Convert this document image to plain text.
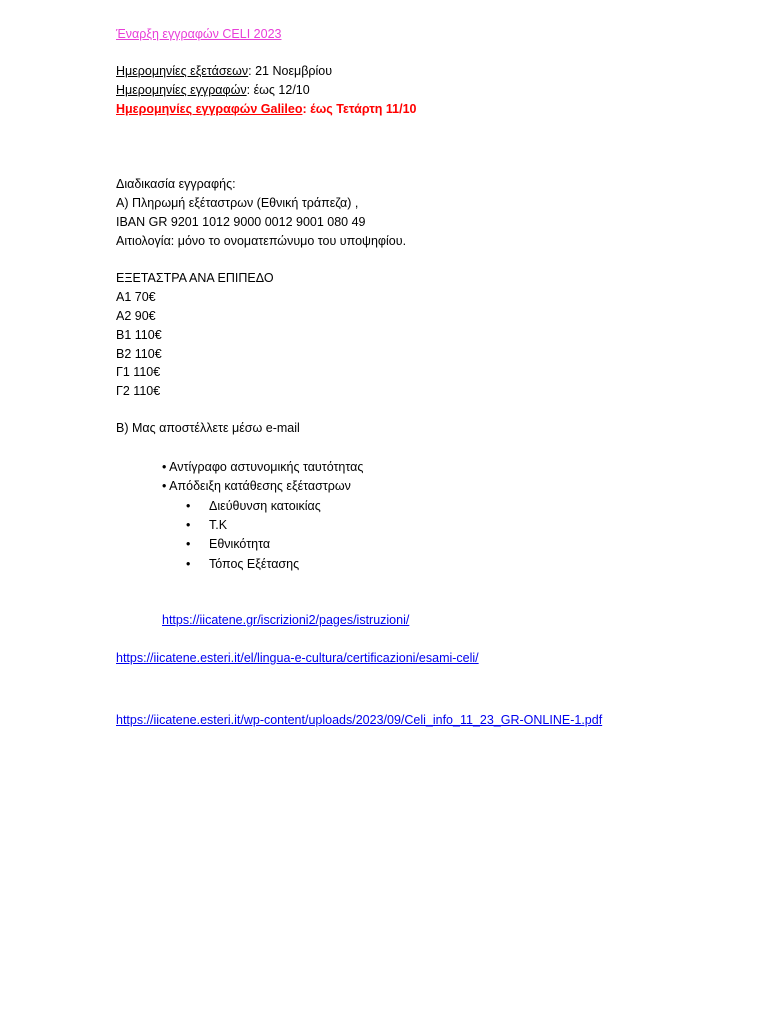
Έναρξη εγγραφών CELI 2023
Ημερομηνίες εξετάσεων: 21 Νοεμβρίου
Ημερομηνίες εγγραφών: έως 12/10
Ημερομηνίες εγγραφών Galileo: έως Τετάρτη 11/10
Διαδικασία εγγραφής:
Α) Πληρωμή εξέταστρων (Εθνική τράπεζα) ,
IBAN GR 9201 1012 9000 0012 9001 080 49
Αιτιολογία: μόνο το ονοματεπώνυμο του υποψηφίου.
ΕΞΕΤΑΣΤΡΑ ΑΝΑ ΕΠΙΠΕΔΟ
Α1 70€
Α2 90€
Β1 110€
Β2 110€
Γ1 110€
Γ2 110€
Β) Μας αποστέλλετε μέσω e-mail
• Αντίγραφο αστυνομικής ταυτότητας
• Απόδειξη κατάθεσης εξέταστρων
• Διεύθυνση κατοικίας
• Τ.Κ
• Εθνικότητα
• Τόπος Εξέτασης
https://iicatene.gr/iscrizioni2/pages/istruzioni/
https://iicatene.esteri.it/el/lingua-e-cultura/certificazioni/esami-celi/
https://iicatene.esteri.it/wp-content/uploads/2023/09/Celi_info_11_23_GR-ONLINE-1.pdf
